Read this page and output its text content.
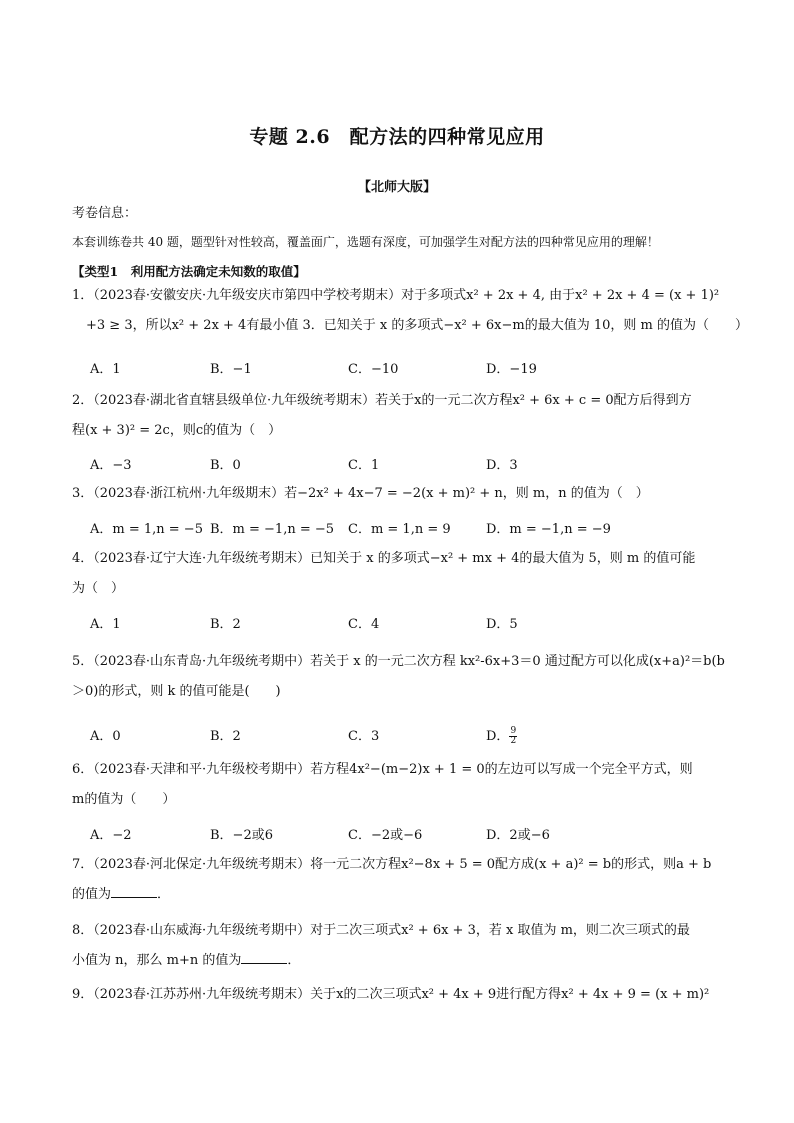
专题 2.6　配方法的四种常见应用
【北师大版】
考卷信息：
本套训练卷共 40 题，题型针对性较高，覆盖面广，选题有深度，可加强学生对配方法的四种常见应用的理解！
【类型1　利用配方法确定未知数的取值】
1．（2023春·安徽安庆·九年级安庆市第四中学校考期末）对于多项式x² + 2x + 4, 由于x² + 2x + 4 = (x + 1)²
+3 ≥ 3，所以x² + 2x + 4有最小值 3．已知关于 x 的多项式−x² + 6x−m的最大值为 10，则 m 的值为（　　）
A．1	B．−1	C．−10	D．−19
2．（2023春·湖北省直辖县级单位·九年级统考期末）若关于x的一元二次方程x² + 6x + c = 0配方后得到方
程(x + 3)² = 2c，则c的值为（　）
A．−3	B．0	C．1	D．3
3．（2023春·浙江杭州·九年级期末）若−2x² + 4x−7 = −2(x + m)² + n，则 m，n 的值为（　）
A．m = 1,n = −5 B．m = −1,n = −5 C．m = 1,n = 9	D．m = −1,n = −9
4．（2023春·辽宁大连·九年级统考期末）已知关于 x 的多项式−x² + mx + 4的最大值为 5，则 m 的值可能
为（　）
A．1	B．2	C．4	D．5
5．（2023春·山东青岛·九年级统考期中）若关于 x 的一元二次方程 kx²-6x+3＝0 通过配方可以化成(x+a)²＝b(b
＞0)的形式，则 k 的值可能是(　　)
A．0	B．2	C．3	D． $\frac{9}{2}$
6．（2023春·天津和平·九年级校考期中）若方程4x²−(m−2)x + 1 = 0的左边可以写成一个完全平方式，则
m的值为（　　）
A．−2	B．−2或6	C．−2或−6	D．2或−6
7．（2023春·河北保定·九年级统考期末）将一元二次方程x²−8x + 5 = 0配方成(x + a)² = b的形式，则a + b
的值为	．
8．（2023春·山东威海·九年级统考期中）对于二次三项式x² + 6x + 3，若 x 取值为 m，则二次三项式的最
小值为 n，那么 m+n 的值为	．
9．（2023春·江苏苏州·九年级统考期末）关于x的二次三项式x² + 4x + 9进行配方得x² + 4x + 9 = (x + m)²
